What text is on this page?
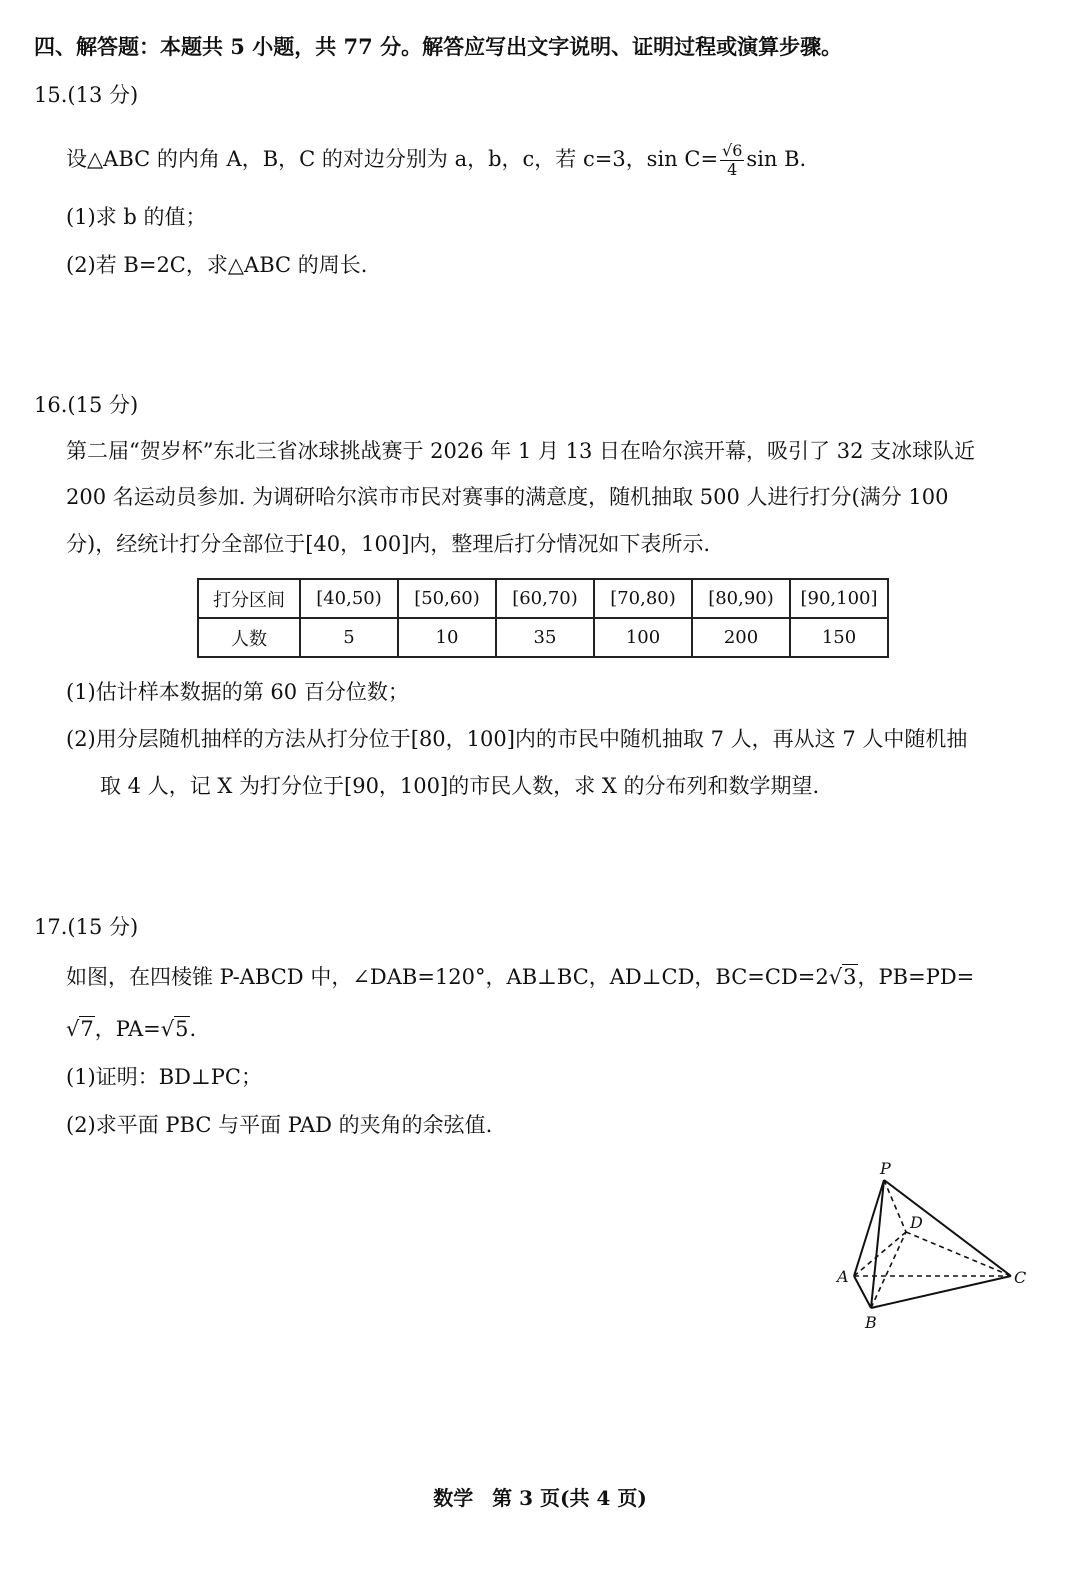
四、解答题：本题共 5 小题，共 77 分。解答应写出文字说明、证明过程或演算步骤。
15.(13 分)
设△ABC 的内角 A，B，C 的对边分别为 a，b，c，若 c=3，$\sin C= \frac{√6}{4}$ sin B.
(1)求 b 的值；
(2)若 B=2C，求△ABC 的周长.
16.(15 分)
第二届“贺岁杯”东北三省冰球挑战赛于 2026 年 1 月 13 日在哈尔滨开幕，吸引了 32 支冰球队近
200 名运动员参加. 为调研哈尔滨市市民对赛事的满意度，随机抽取 500 人进行打分(满分 100
分)，经统计打分全部位于[40，100]内，整理后打分情况如下表所示.
打分区间	[40,50)	[50,60)	[60,70)	[70,80)	[80,90)	[90,100]
人数	5	10	35	100	200	150
(1)估计样本数据的第 60 百分位数；
(2)用分层随机抽样的方法从打分位于[80，100]内的市民中随机抽取 7 人，再从这 7 人中随机抽
取 4 人，记 X 为打分位于[90，100]的市民人数，求 X 的分布列和数学期望.
17.(15 分)
如图，在四棱锥 P-ABCD 中，∠DAB=120°，AB⊥BC，AD⊥CD，BC=CD=2√3，PB=PD=
√7，PA=√5.
(1)证明：BD⊥PC；
(2)求平面 PBC 与平面 PAD 的夹角的余弦值.
P
D
A
B
C
数学 第 3 页(共 4 页)
